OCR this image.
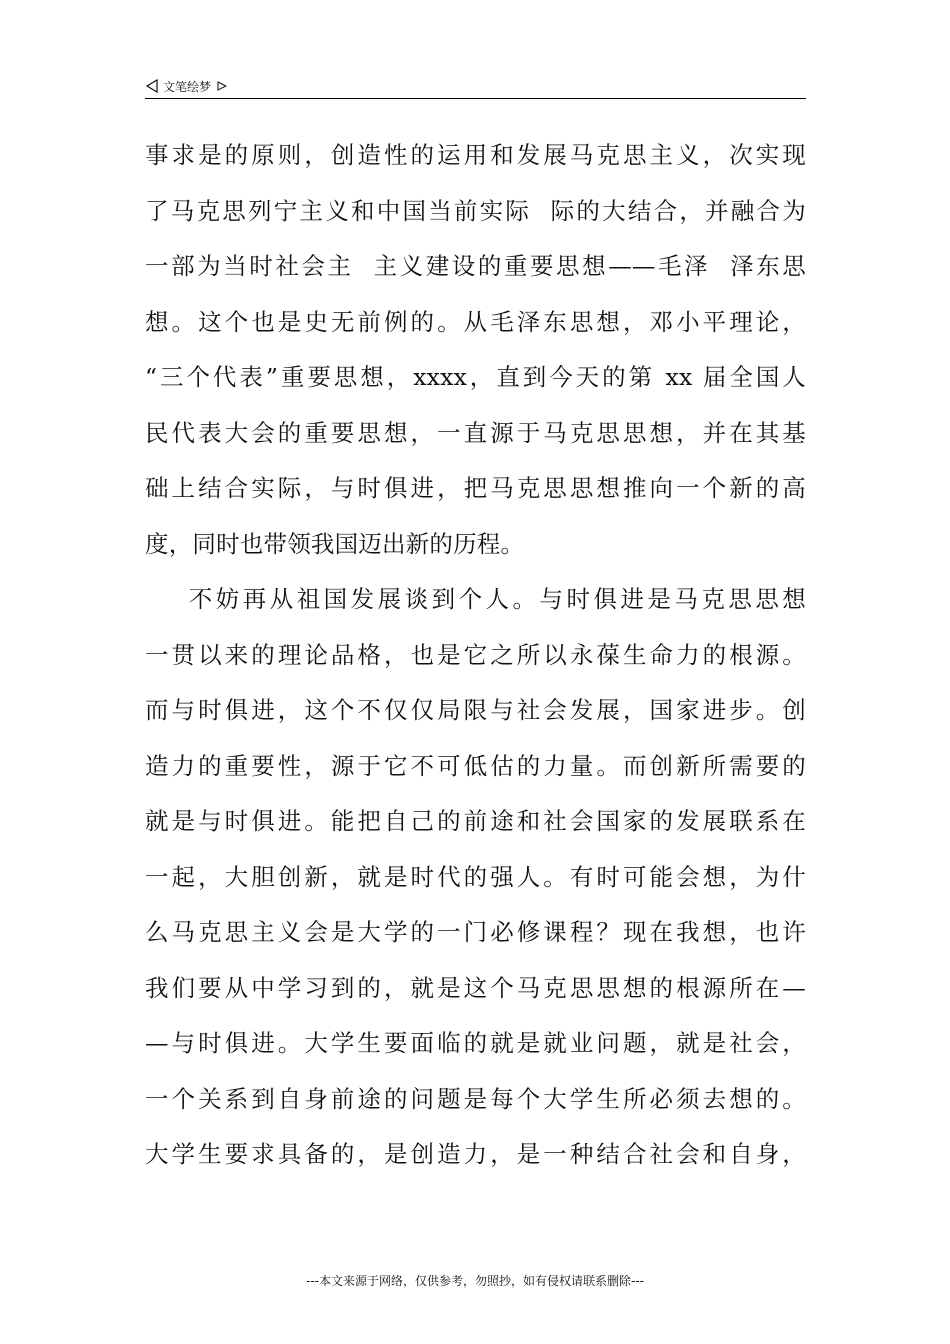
文笔绘梦
事求是的原则，创造性的运用和发展马克思主义，次实现
了马克思列宁主义和中国当前实际  际的大结合，并融合为
一部为当时社会主  主义建设的重要思想——毛泽  泽东思
想。这个也是史无前例的。从毛泽东思想，邓小平理论，
“三个代表”重要思想，xxxx，直到今天的第 xx 届全国人
民代表大会的重要思想，一直源于马克思思想，并在其基
础上结合实际，与时俱进，把马克思思想推向一个新的高
度，同时也带领我国迈出新的历程。
不妨再从祖国发展谈到个人。与时俱进是马克思思想
一贯以来的理论品格，也是它之所以永葆生命力的根源。
而与时俱进，这个不仅仅局限与社会发展，国家进步。创
造力的重要性，源于它不可低估的力量。而创新所需要的
就是与时俱进。能把自己的前途和社会国家的发展联系在
一起，大胆创新，就是时代的强人。有时可能会想，为什
么马克思主义会是大学的一门必修课程？现在我想，也许
我们要从中学习到的，就是这个马克思思想的根源所在—
—与时俱进。大学生要面临的就是就业问题，就是社会，
一个关系到自身前途的问题是每个大学生所必须去想的。
大学生要求具备的，是创造力，是一种结合社会和自身，
---本文来源于网络，仅供参考，勿照抄，如有侵权请联系删除---
